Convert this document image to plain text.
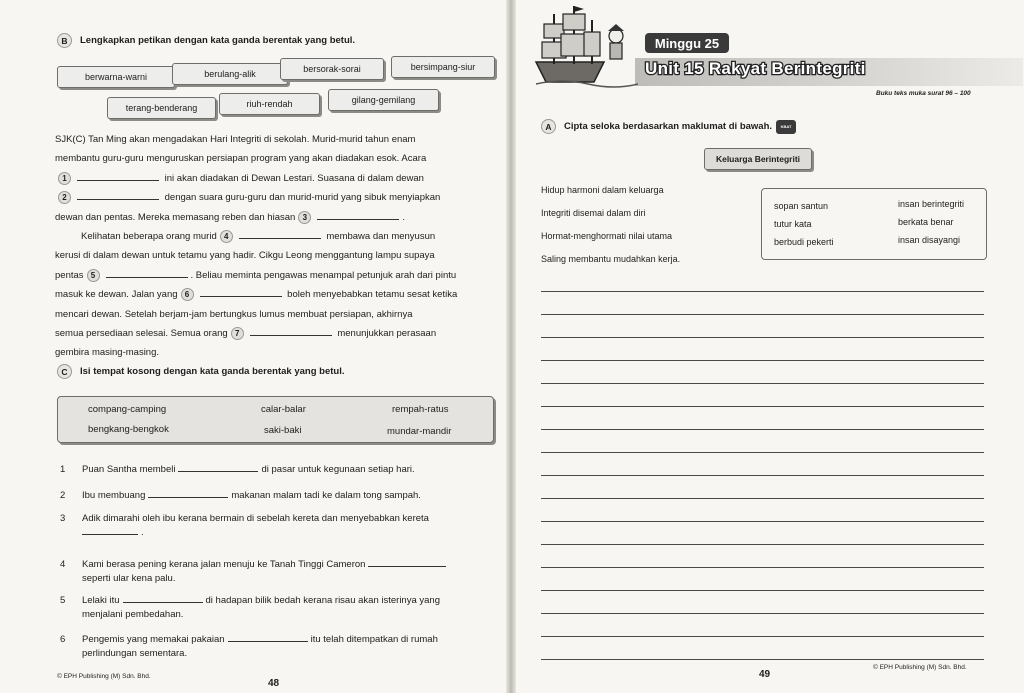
B	Lengkapkan petikan dengan kata ganda berentak yang betul.
berwarna-warni	berulang-alik	bersorak-sorai	bersimpang-siur
terang-benderang	riuh-rendah	gilang-gemilang
SJK(C) Tan Ming akan mengadakan Hari Integriti di sekolah. Murid-murid tahun enam
membantu guru-guru menguruskan persiapan program yang akan diadakan esok. Acara
1	ini akan diadakan di Dewan Lestari. Suasana di dalam dewan
2	dengan suara guru-guru dan murid-murid yang sibuk menyiapkan
dewan dan pentas. Mereka memasang reben dan hiasan 3	.
Kelihatan beberapa orang murid 4	membawa dan menyusun
kerusi di dalam dewan untuk tetamu yang hadir. Cikgu Leong menggantung lampu supaya
pentas 5	. Beliau meminta pengawas menampal petunjuk arah dari pintu
masuk ke dewan. Jalan yang 6	boleh menyebabkan tetamu sesat ketika
mencari dewan. Setelah berjam-jam bertungkus lumus membuat persiapan, akhirnya
semua persediaan selesai. Semua orang 7	menunjukkan perasaan
gembira masing-masing.
C	Isi tempat kosong dengan kata ganda berentak yang betul.
compang-camping	calar-balar	rempah-ratus
bengkang-bengkok	saki-baki	mundar-mandir
1	Puan Santha membeli	di pasar untuk kegunaan setiap hari.
2	Ibu membuang	makanan malam tadi ke dalam tong sampah.
3	Adik dimarahi oleh ibu kerana bermain di sebelah kereta dan menyebabkan kereta
.
4	Kami berasa pening kerana jalan menuju ke Tanah Tinggi Cameron
seperti ular kena palu.
5	Lelaki itu	di hadapan bilik bedah kerana risau akan isterinya yang
menjalani pembedahan.
6	Pengemis yang memakai pakaian	itu telah ditempatkan di rumah
perlindungan sementara.
© EPH Publishing (M) Sdn. Bhd.
48
Minggu 25
Unit 15 Rakyat Berintegriti
Buku teks muka surat 96 – 100
A	Cipta seloka berdasarkan maklumat di bawah.	KBAT
Keluarga Berintegriti
Hidup harmoni dalam keluarga
Integriti disemai dalam diri
Hormat-menghormati nilai utama
Saling membantu mudahkan kerja.
sopan santun	insan berintegriti
tutur kata	berkata benar
berbudi pekerti	insan disayangi
49
© EPH Publishing (M) Sdn. Bhd.
